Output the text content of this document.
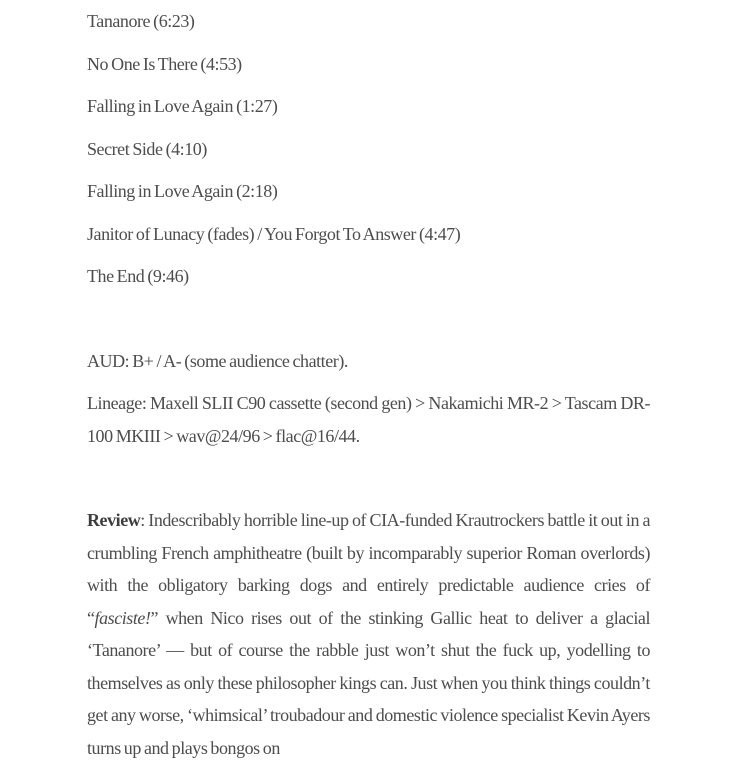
Tananore (6:23)

No One Is There (4:53)

Falling in Love Again (1:27)

Secret Side (4:10)

Falling in Love Again (2:18)

Janitor of Lunacy (fades) / You Forgot To Answer (4:47)

The End (9:46)

AUD: B+ / A- (some audience chatter).

Lineage: Maxell SLII C90 cassette (second gen) > Nakamichi MR-2 > Tascam DR-100 MKIII > wav@24/96 > flac@16/44.

Review: Indescribably horrible line-up of CIA-funded Krautrockers battle it out in a crumbling French amphitheatre (built by incomparably superior Roman overlords) with the obligatory barking dogs and entirely predictable audience cries of “fasciste!” when Nico rises out of the stinking Gallic heat to deliver a glacial ‘Tananore’ — but of course the rabble just won’t shut the fuck up, yodelling to themselves as only these philosopher kings can. Just when you think things couldn’t get any worse, ‘whimsical’ troubadour and domestic violence specialist Kevin Ayers turns up and plays bongos on
